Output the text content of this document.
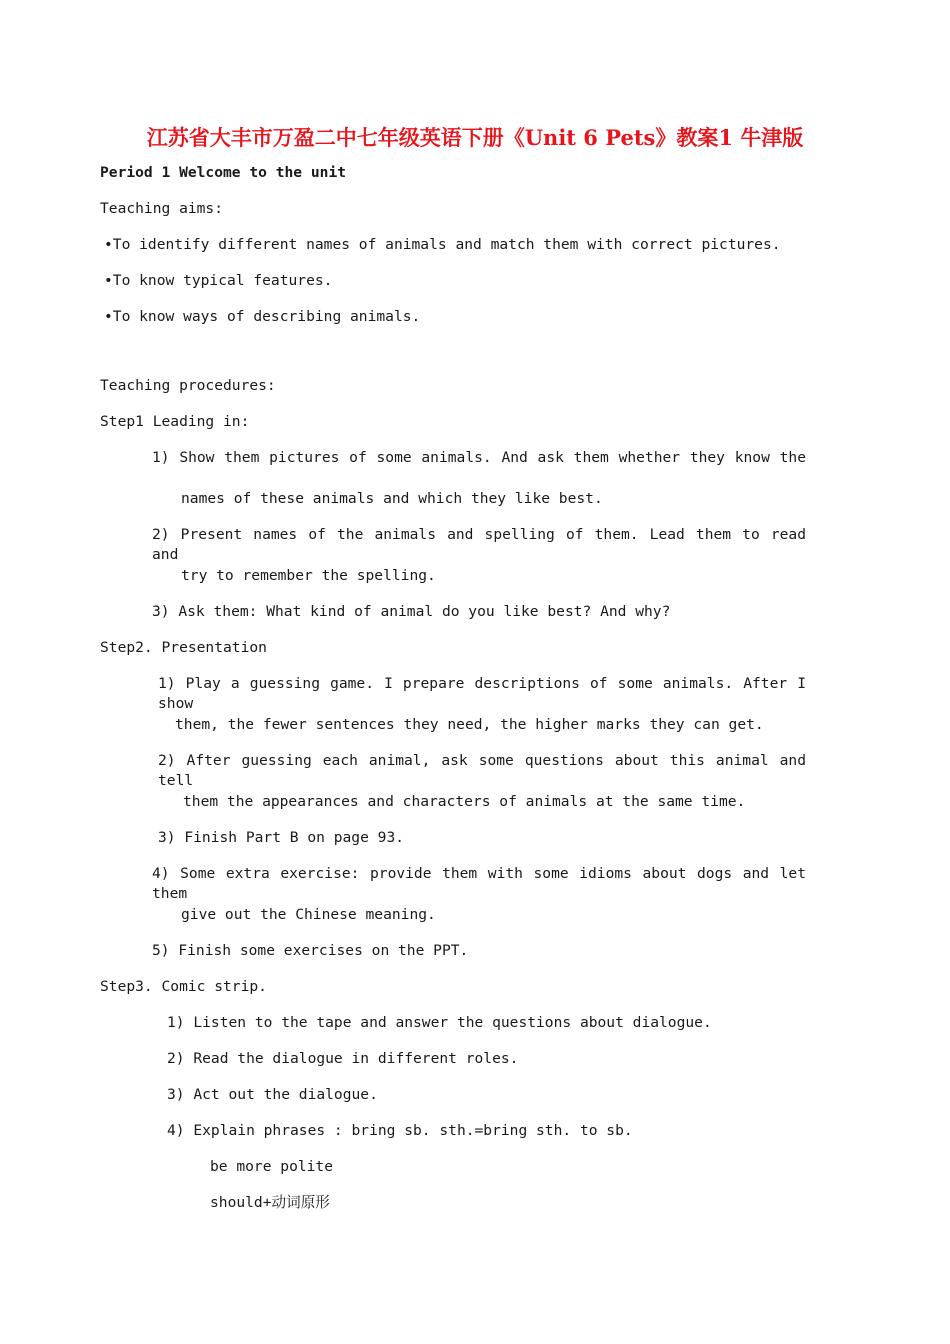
江苏省大丰市万盈二中七年级英语下册《Unit 6 Pets》教案1 牛津版
Period 1 Welcome to the unit
Teaching aims:
•To identify different names of animals and match them with correct pictures.
•To know typical features.
•To know ways of describing animals.
Teaching procedures:
Step1 Leading in:
1) Show them pictures of some animals. And ask them whether they know the
names of these animals and which they like best.
2) Present names of the animals and spelling of them. Lead them to read and
try to remember the spelling.
3) Ask them: What kind of animal do you like best? And why?
Step2. Presentation
1) Play a guessing game. I prepare descriptions of some animals. After I show
them, the fewer sentences they need, the higher marks they can get.
2) After guessing each animal, ask some questions about this animal and tell
them the appearances and characters of animals at the same time.
3) Finish Part B on page 93.
4) Some extra exercise: provide them with some idioms about dogs and let them
give out the Chinese meaning.
5) Finish some exercises on the PPT.
Step3. Comic strip.
1) Listen to the tape and answer the questions about dialogue.
2) Read the dialogue in different roles.
3) Act out the dialogue.
4) Explain phrases : bring sb. sth.=bring sth. to sb.
be more polite
should+动词原形
